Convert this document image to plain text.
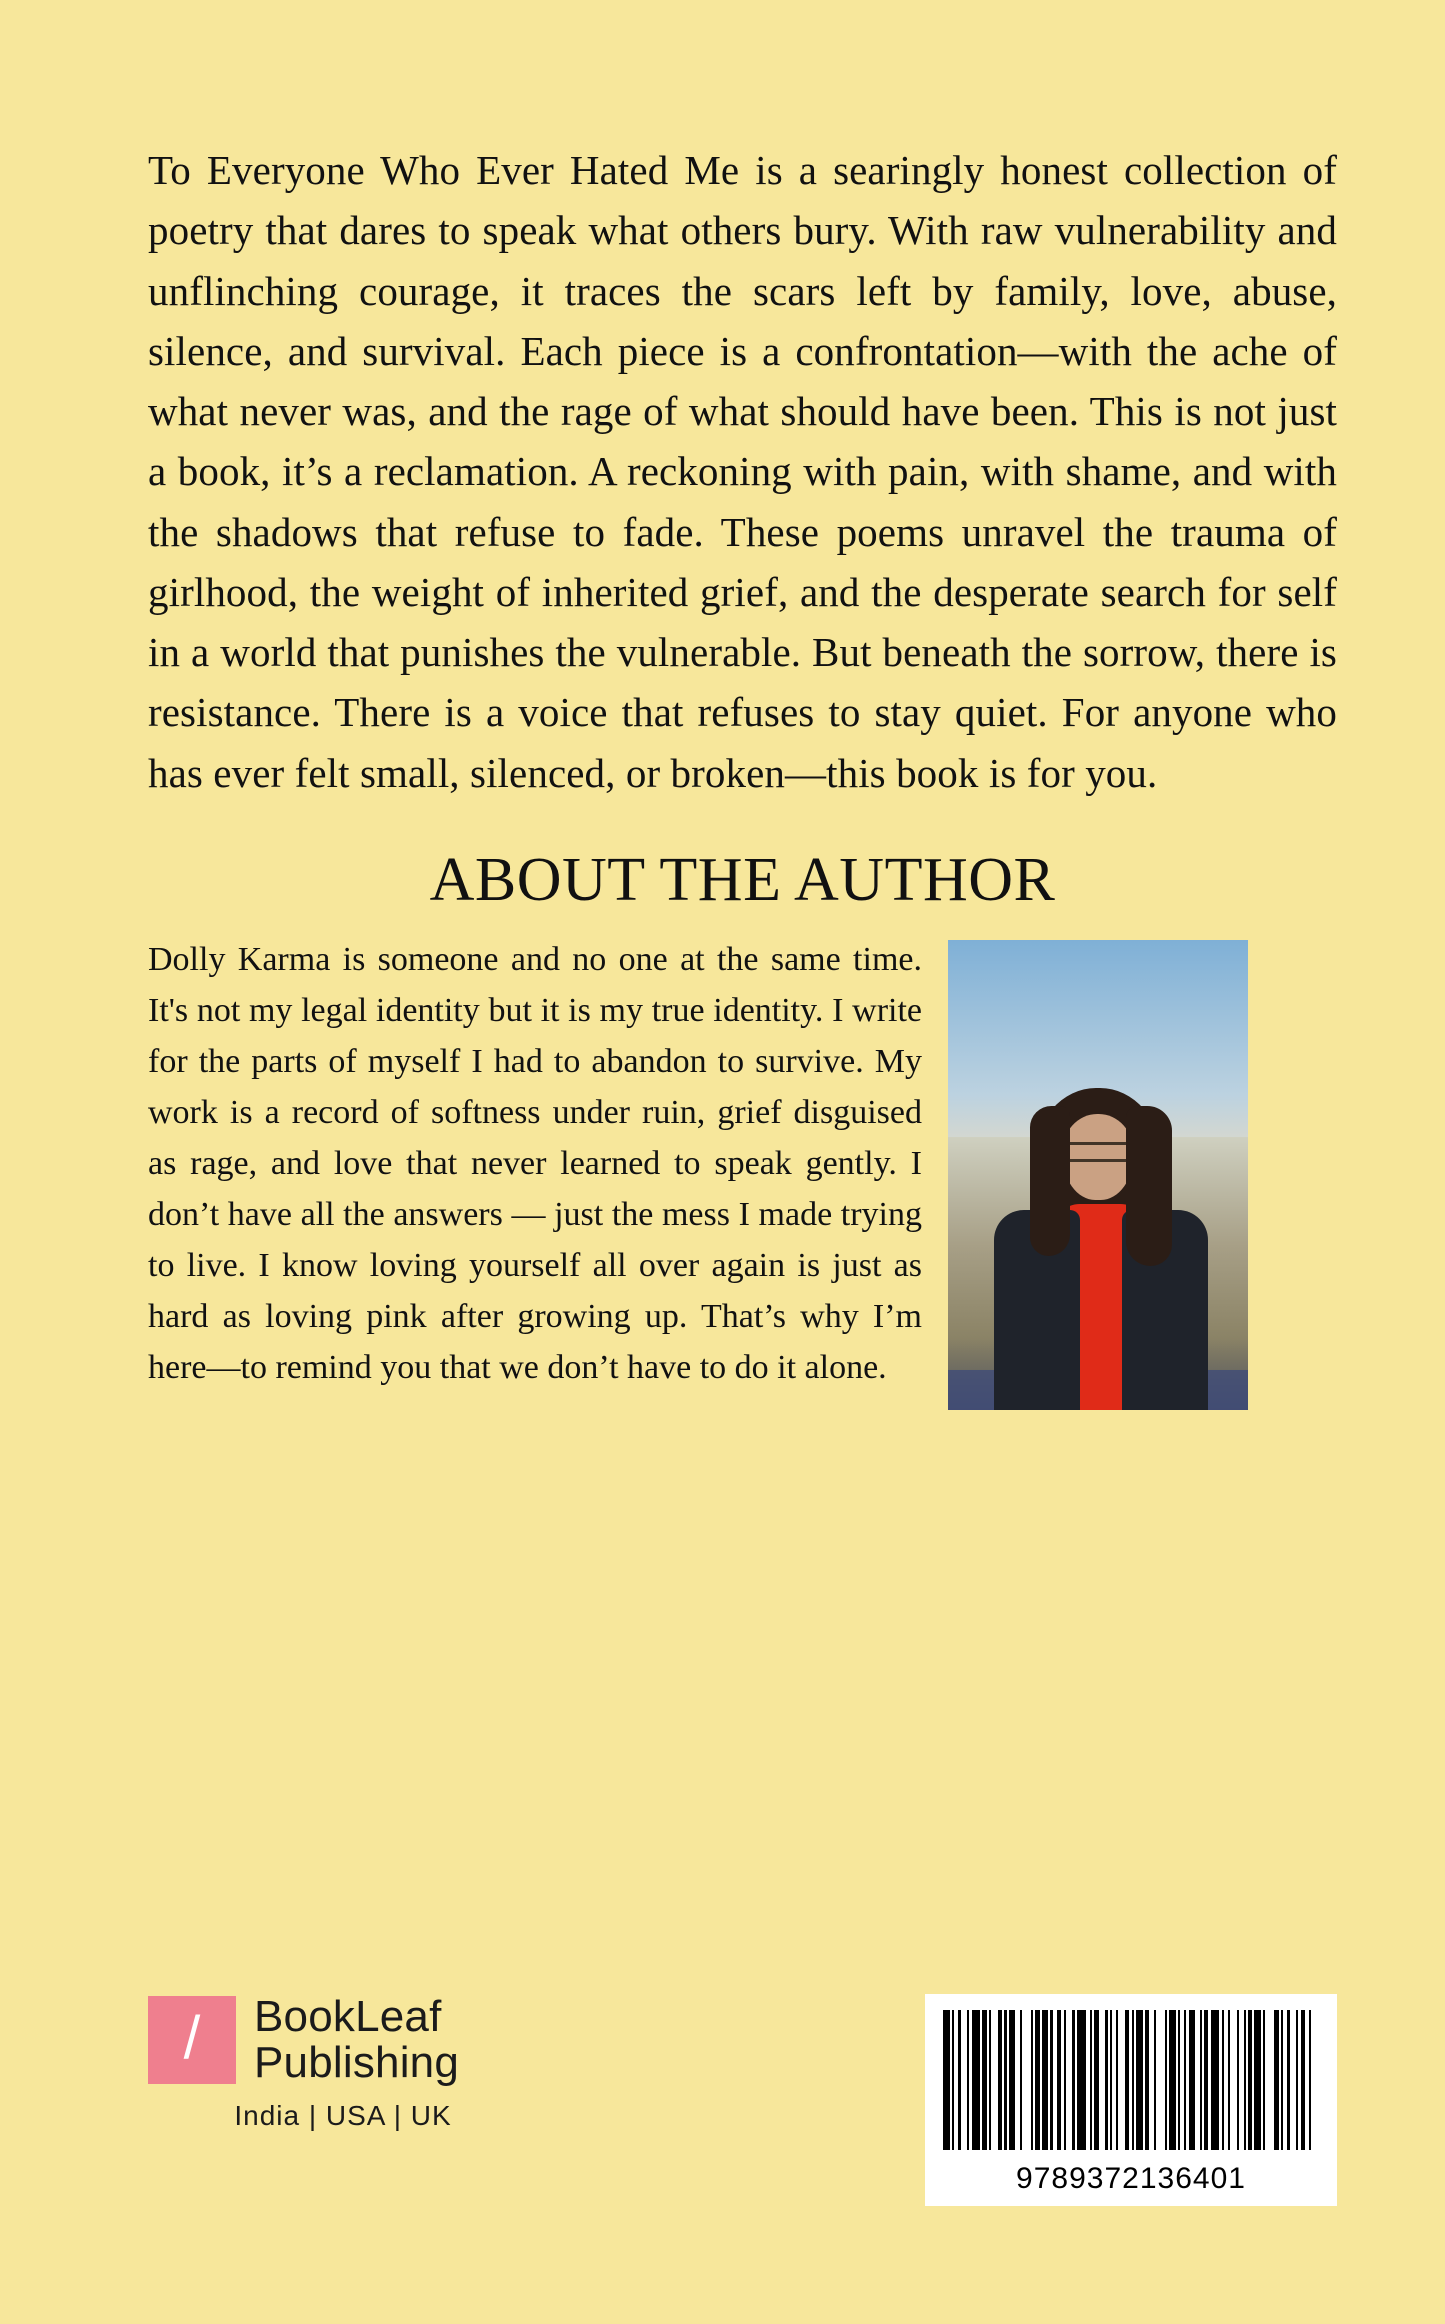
To Everyone Who Ever Hated Me is a searingly honest collection of poetry that dares to speak what others bury. With raw vulnerability and unflinching courage, it traces the scars left by family, love, abuse, silence, and survival. Each piece is a confrontation—with the ache of what never was, and the rage of what should have been. This is not just a book, it’s a reclamation. A reckoning with pain, with shame, and with the shadows that refuse to fade. These poems unravel the trauma of girlhood, the weight of inherited grief, and the desperate search for self in a world that punishes the vulnerable. But beneath the sorrow, there is resistance. There is a voice that refuses to stay quiet. For anyone who has ever felt small, silenced, or broken—this book is for you.

ABOUT THE AUTHOR

Dolly Karma is someone and no one at the same time. It's not my legal identity but it is my true identity. I write for the parts of myself I had to abandon to survive. My work is a record of softness under ruin, grief disguised as rage, and love that never learned to speak gently. I don’t have all the answers — just the mess I made trying to live. I know loving yourself all over again is just as hard as loving pink after growing up. That’s why I’m here—to remind you that we don’t have to do it alone.

/ BookLeaf
Publishing
India | USA | UK
9789372136401
